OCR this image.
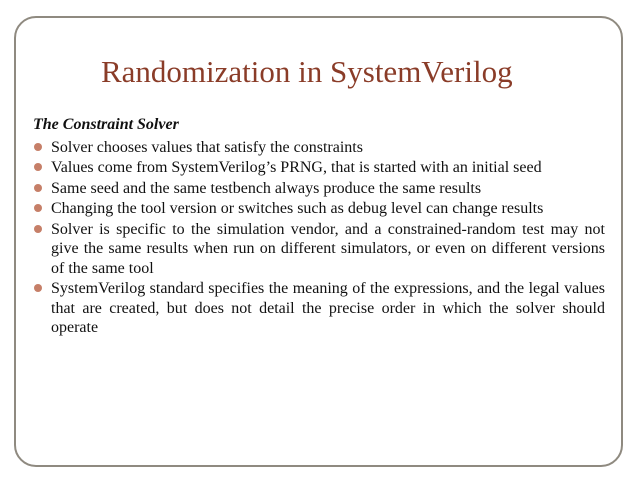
Randomization in SystemVerilog
The Constraint Solver
Solver chooses values that satisfy the constraints
Values come from SystemVerilog’s PRNG, that is started with an initial seed
Same seed and the same testbench always produce the same results
Changing the tool version or switches such as debug level can change results
Solver is specific to the simulation vendor, and a constrained-random test may not give the same results when run on different simulators, or even on different versions of the same tool
SystemVerilog standard specifies the meaning of the expressions, and the legal values that are created, but does not detail the precise order in which the solver should operate
